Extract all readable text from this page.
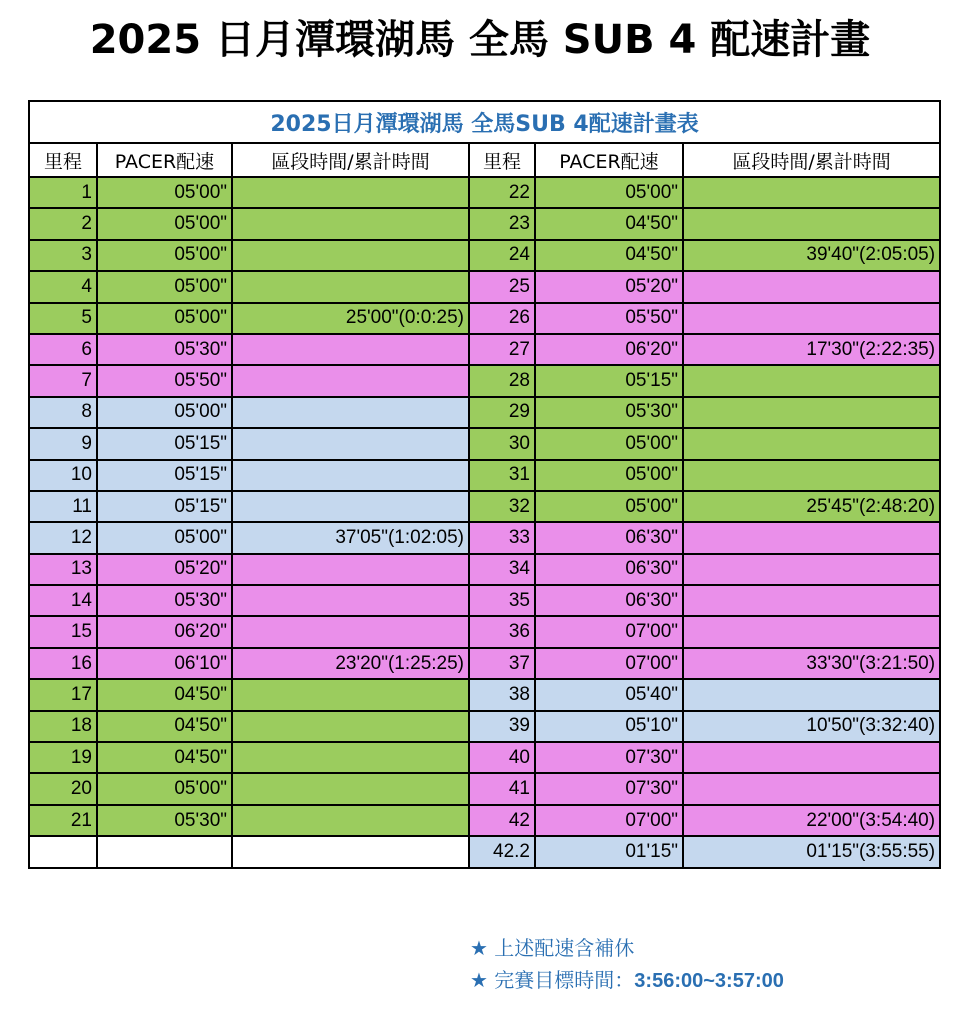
2025 日月潭環湖馬 全馬 SUB 4 配速計畫
2025日月潭環湖馬 全馬SUB 4配速計畫表					
里程	PACER配速	區段時間/累計時間	里程	PACER配速	區段時間/累計時間
1	05'00"		22	05'00"	
2	05'00"		23	04'50"	
3	05'00"		24	04'50"	39'40"(2:05:05)
4	05'00"		25	05'20"	
5	05'00"	25'00"(0:0:25)	26	05'50"	
6	05'30"		27	06'20"	17'30"(2:22:35)
7	05'50"		28	05'15"	
8	05'00"		29	05'30"	
9	05'15"		30	05'00"	
10	05'15"		31	05'00"	
11	05'15"		32	05'00"	25'45"(2:48:20)
12	05'00"	37'05"(1:02:05)	33	06'30"	
13	05'20"		34	06'30"	
14	05'30"		35	06'30"	
15	06'20"		36	07'00"	
16	06'10"	23'20"(1:25:25)	37	07'00"	33'30"(3:21:50)
17	04'50"		38	05'40"	
18	04'50"		39	05'10"	10'50"(3:32:40)
19	04'50"		40	07'30"	
20	05'00"		41	07'30"	
21	05'30"		42	07'00"	22'00"(3:54:40)
			42.2	01'15"	01'15"(3:55:55)
★ 上述配速含補休
★ 完賽目標時間：3:56:00~3:57:00
